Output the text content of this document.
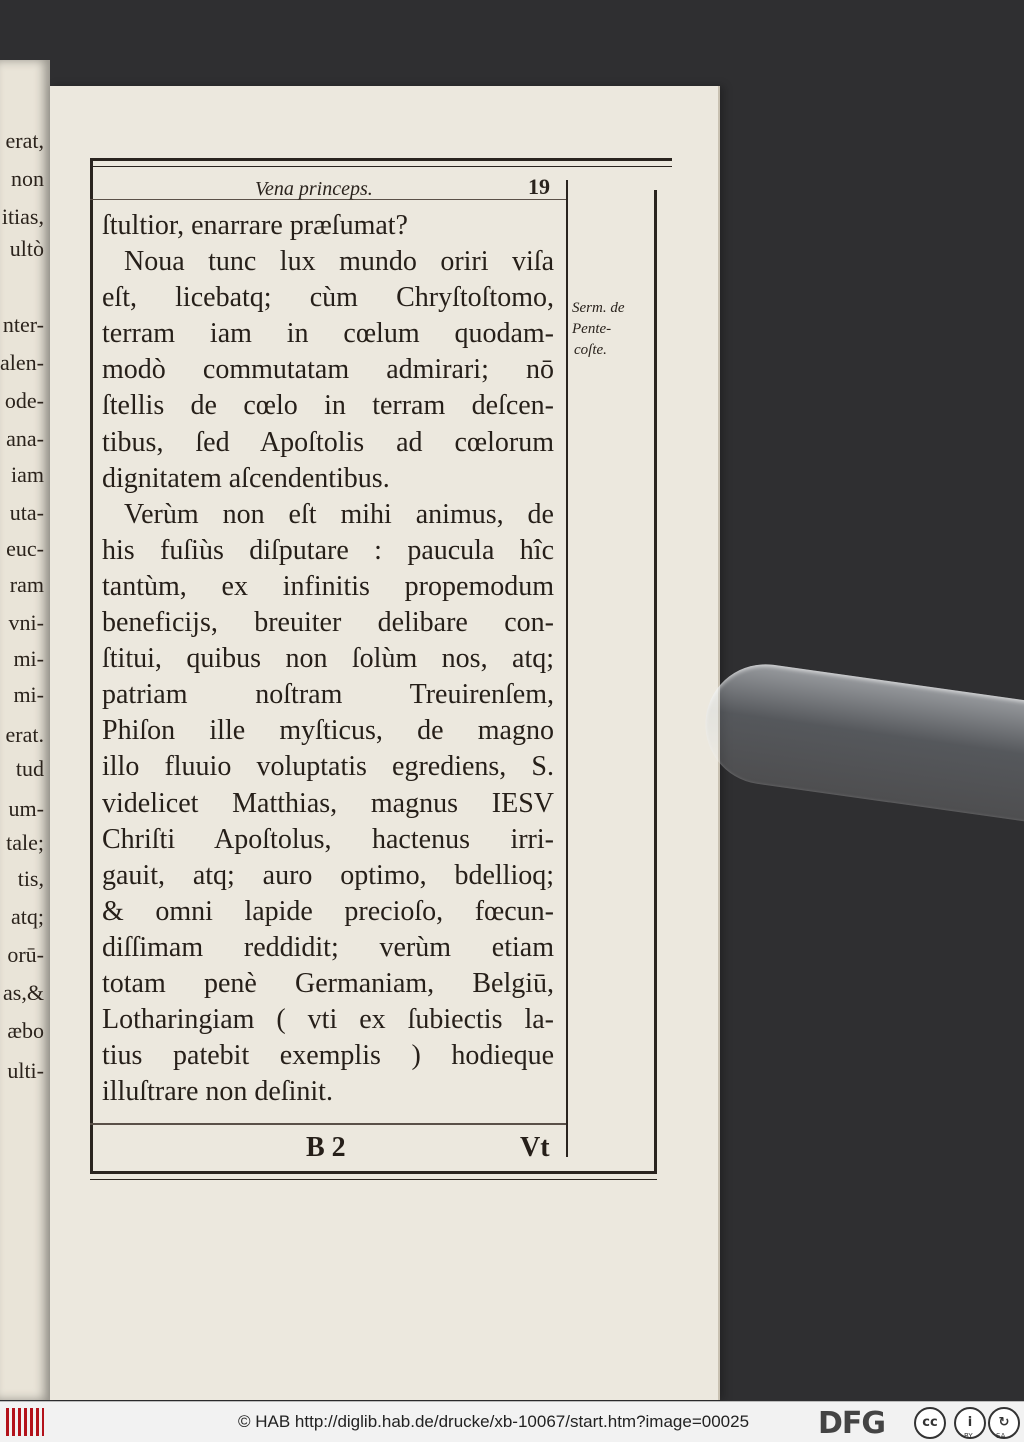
erat,
non
itias,
ultò
nter-
alen-
ode-
ana-
iam
uta-
euc-
ram
vni-
mi-
mi-
erat.
tud
um-
tale;
tis,
atq;
orū-
as,&
æbo
ulti-
Vena princeps.	19
ſtultior, enarrare præſumat?
Noua tunc lux mundo oriri viſa
eſt, licebatq; cùm Chryſtoſtomo,
terram iam in cœlum quodam-
modò commutatam admirari; nō
ſtellis de cœlo in terram deſcen-
tibus, ſed Apoſtolis ad cœlorum
dignitatem aſcendentibus.
Verùm non eſt mihi animus, de
his fuſiùs diſputare : paucula hîc
tantùm, ex infinitis propemodum
beneficijs, breuiter delibare con-
ſtitui, quibus non ſolùm nos, atq;
patriam noſtram Treuirenſem,
Phiſon ille myſticus, de magno
illo fluuio voluptatis egrediens, S.
videlicet Matthias, magnus IESV
Chriſti Apoſtolus, hactenus irri-
gauit, atq; auro optimo, bdellioq;
& omni lapide precioſo, fœcun-
diſſimam reddidit; verùm etiam
totam penè Germaniam, Belgiū,
Lotharingiam ( vti ex ſubiectis la-
tius patebit exemplis ) hodieque
illuſtrare non deſinit.
Serm. de
Pente-
coſte.
B 2	Vt
© HAB http://diglib.hab.de/drucke/xb-10067/start.htm?image=00025 DFG	cc	i	↻
BY	SA
